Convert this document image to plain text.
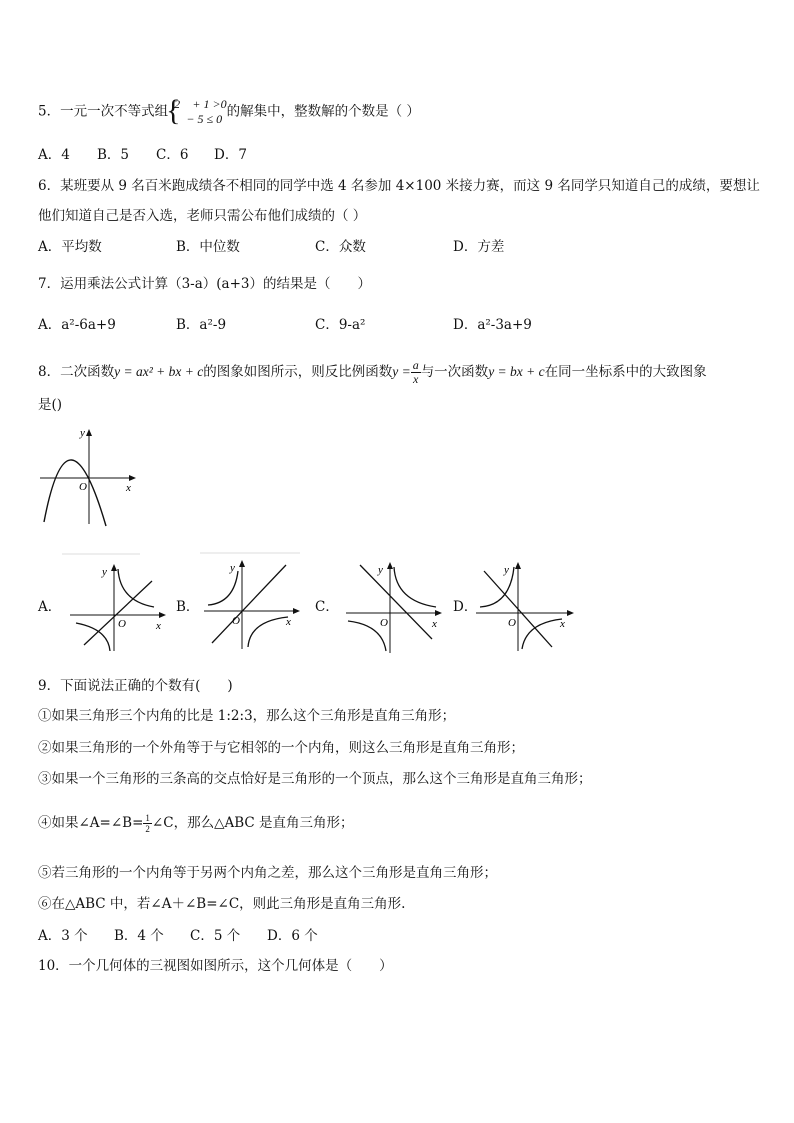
5．一元一次不等式组
{
2􀀀 + 1 >0
􀀀 − 5 ≤ 0 的解集中，整数解的个数是（ ）
A．4 B．5 C．6 D．7
6．某班要从 9 名百米跑成绩各不相同的同学中选 4 名参加 4×100 米接力赛，而这 9 名同学只知道自己的成绩，要想让
他们知道自己是否入选，老师只需公布他们成绩的（ ）
A．平均数	B．中位数	C．众数	D．方差
7．运用乘法公式计算（3-a）(a+3）的结果是（　　）
A．a²-6a+9	B．a²-9	C．9-a²	D．a²-3a+9
8．二次函数y = ax² + bx + c的图象如图所示，则反比例函数$y = \frac{a}{x}$ 与一次函数y = bx + c在同一坐标系中的大致图象
是()
y
x
O
A．
y
x
O
B．
y
x
O
C．
y
x
O
D．
y
x
O
9．下面说法正确的个数有(　　)
①如果三角形三个内角的比是 1:2:3，那么这个三角形是直角三角形；
②如果三角形的一个外角等于与它相邻的一个内角，则这么三角形是直角三角形；
③如果一个三角形的三条高的交点恰好是三角形的一个顶点，那么这个三角形是直角三角形；
④如果∠A=∠B= $\frac{1}{2}$ ∠C，那么△ABC 是直角三角形；
⑤若三角形的一个内角等于另两个内角之差，那么这个三角形是直角三角形；
⑥在△ABC 中，若∠A＋∠B=∠C，则此三角形是直角三角形.
A．3 个 B．4 个 C．5 个 D．6 个
10．一个几何体的三视图如图所示，这个几何体是（　　）
